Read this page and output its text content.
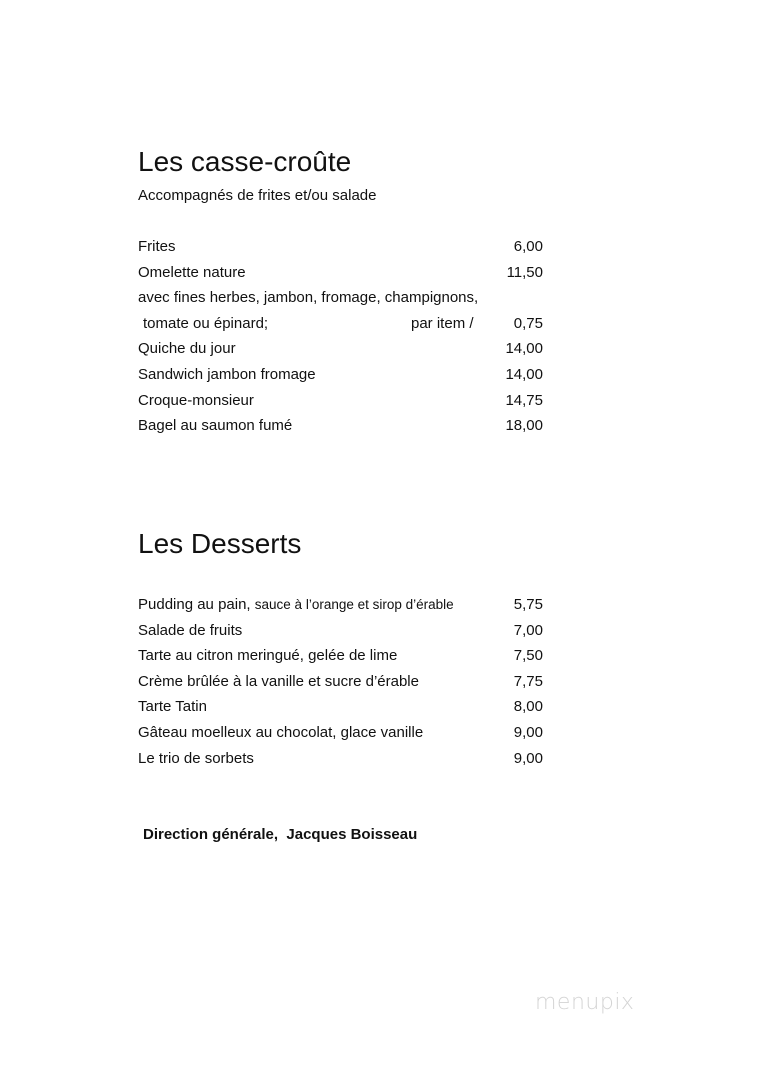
Les casse-croûte

Accompagnés de frites et/ou salade

Frites	6,00
Omelette nature	11,50
avec fines herbes, jambon, fromage, champignons,
tomate ou épinard;	par item /	0,75
Quiche du jour	14,00
Sandwich jambon fromage	14,00
Croque-monsieur	14,75
Bagel au saumon fumé	18,00
Les Desserts
Pudding au pain, sauce à l’orange et sirop d’érable	5,75
Salade de fruits	7,00
Tarte au citron meringué, gelée de lime	7,50
Crème brûlée à la vanille et sucre d’érable	7,75
Tarte Tatin	8,00
Gâteau moelleux au chocolat, glace vanille	9,00
Le trio de sorbets	9,00

Direction générale,  Jacques Boisseau

menupix
